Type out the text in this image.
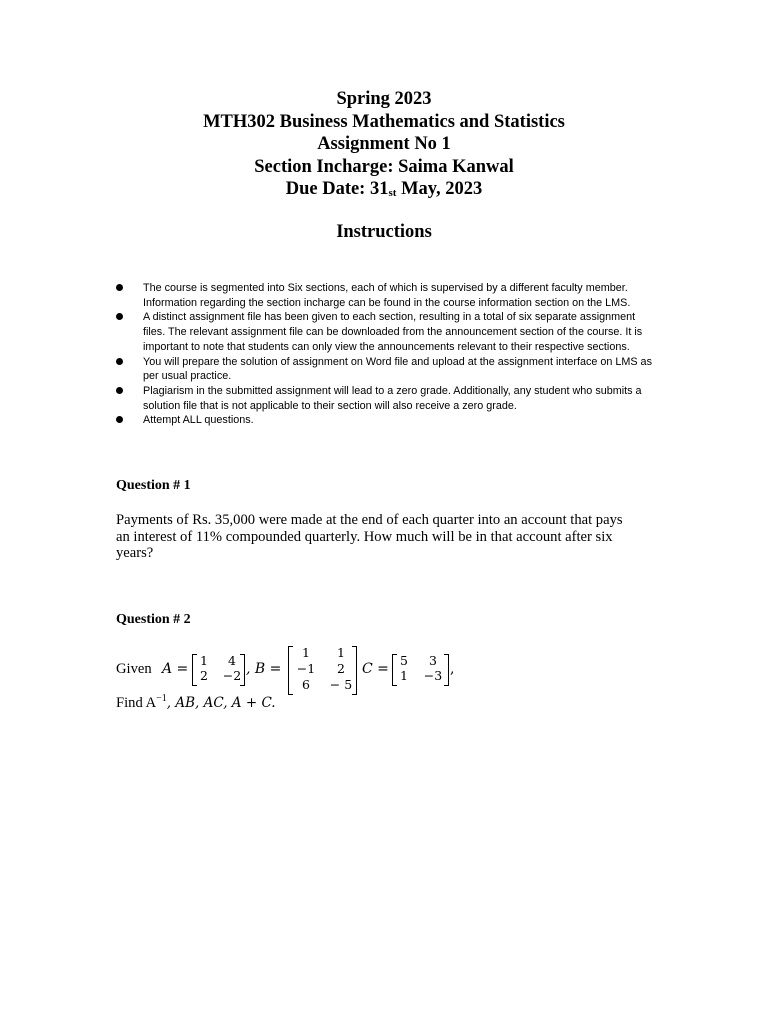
Spring 2023
MTH302 Business Mathematics and Statistics
Assignment No 1
Section Incharge: Saima Kanwal
Due Date: 31st May, 2023
Instructions
The course is segmented into Six sections, each of which is supervised by a different faculty member. Information regarding the section incharge can be found in the course information section on the LMS.
A distinct assignment file has been given to each section, resulting in a total of six separate assignment files. The relevant assignment file can be downloaded from the announcement section of the course. It is important to note that students can only view the announcements relevant to their respective sections.
You will prepare the solution of assignment on Word file and upload at the assignment interface on LMS as per usual practice.
Plagiarism in the submitted assignment will lead to a zero grade. Additionally, any student who submits a solution file that is not applicable to their section will also receive a zero grade.
Attempt ALL questions.
Question # 1
Payments of Rs. 35,000 were made at the end of each quarter into an account that pays an interest of 11% compounded quarterly. How much will be in that account after six years?
Question # 2
Given A =
1	4
2 −2 , B =
1	1
−1	2
6	− 5
C =
5	3
1	−3 ,
Find $A^{-1}$, AB, AC, A + C.
